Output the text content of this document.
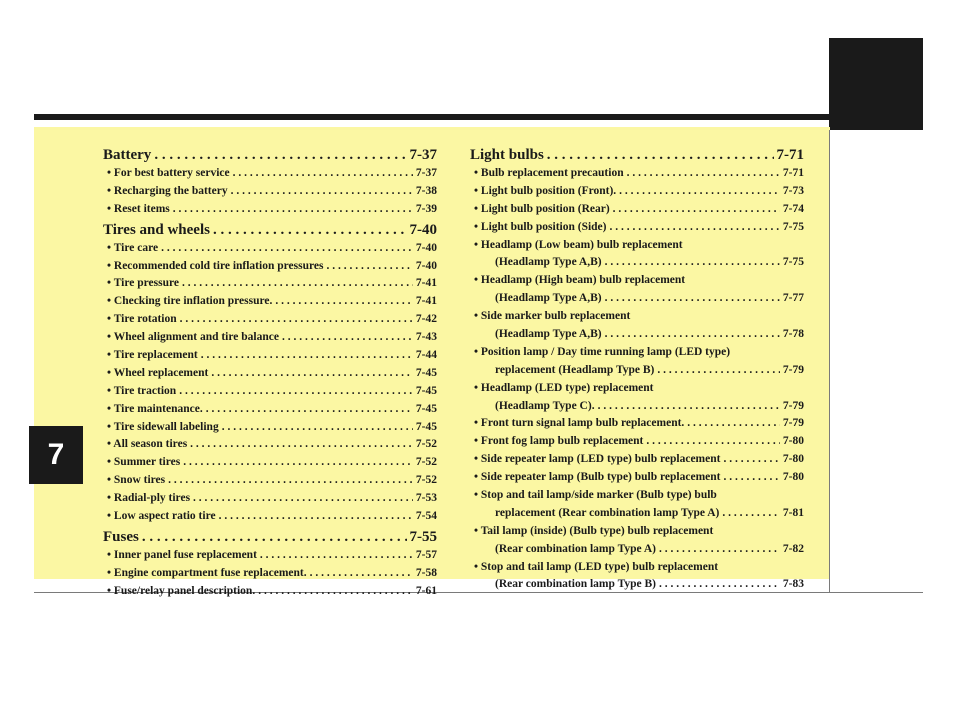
7
Battery . . .	7-37
• For best battery service . . .	7-37
• Recharging the battery . . .	7-38
• Reset items . . .	7-39
Tires and wheels . . .	7-40
• Tire care . . .	7-40
• Recommended cold tire inflation pressures . . .	7-40
• Tire pressure . . .	7-41
• Checking tire inflation pressure. . . .	7-41
• Tire rotation . . .	7-42
• Wheel alignment and tire balance . . .	7-43
• Tire replacement . . .	7-44
• Wheel replacement . . .	7-45
• Tire traction . . .	7-45
• Tire maintenance. . . .	7-45
• Tire sidewall labeling . . .	7-45
• All season tires . . .	7-52
• Summer tires . . .	7-52
• Snow tires . . .	7-52
• Radial-ply tires . . .	7-53
• Low aspect ratio tire . . .	7-54
Fuses . . .	7-55
• Inner panel fuse replacement . . .	7-57
• Engine compartment fuse replacement. . . .	7-58
• Fuse/relay panel description. . . .	7-61
Light bulbs . . .	7-71
• Bulb replacement precaution . . .	7-71
• Light bulb position (Front). . . .	7-73
• Light bulb position (Rear) . . .	7-74
• Light bulb position (Side) . . .	7-75
• Headlamp (Low beam) bulb replacement
(Headlamp Type A,B) . . .	7-75
• Headlamp (High beam) bulb replacement
(Headlamp Type A,B) . . .	7-77
• Side marker bulb replacement
(Headlamp Type A,B) . . .	7-78
• Position lamp / Day time running lamp (LED type)
replacement (Headlamp Type B) . . .	7-79
• Headlamp (LED type) replacement
(Headlamp Type C). . . .	7-79
• Front turn signal lamp bulb replacement. . . .	7-79
• Front fog lamp bulb replacement . . .	7-80
• Side repeater lamp (LED type) bulb replacement . . .	7-80
• Side repeater lamp (Bulb type) bulb replacement . . .	7-80
• Stop and tail lamp/side marker (Bulb type) bulb
replacement (Rear combination lamp Type A) . . .	7-81
• Tail lamp (inside) (Bulb type) bulb replacement
(Rear combination lamp Type A) . . .	7-82
• Stop and tail lamp (LED type) bulb replacement
(Rear combination lamp Type B) . . .	7-83
